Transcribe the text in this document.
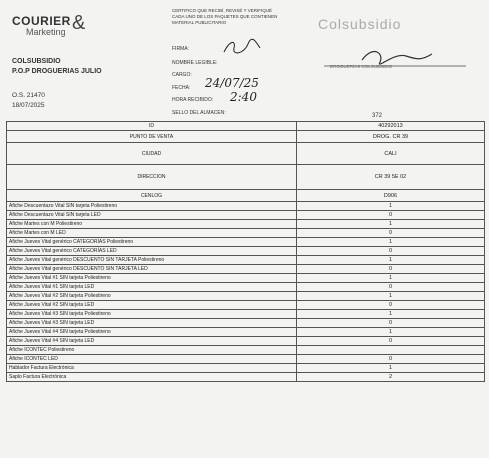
COURIER
Marketing &
COLSUBSIDIO
P.O.P DROGUERIAS JULIO
O.S. 21470
18/07/2025
CERTIFICO QUE RECIBÍ, REVISÉ Y VERIFIQUÉ CADA UNO DE LOS PAQUETES QUE CONTIENEN MATERIAL PUBLICITARIO
FIRMA:
NOMBRE LEGIBLE:
CARGO:
FECHA: 24/07/25
HORA RECIBIDO: 2:40
SELLO DEL ALMACEN:
Colsubsidio
DROGUERÍAS COLSUBSIDIO
372
ID	40292013
PUNTO DE VENTA	DROG. CR 39
CIUDAD	CALI
DIRECCION	CR 39 5E 02
CENLOG	D906
Afiche Descuentazo Vital SIN tarjeta Poliestireno	1
Afiche Descuentazo Vital SIN tarjeta LED	0
Afiche Martes con M Poliestireno	1
Afiche Martes con M LED	0
Afiche Jueves Vital genérico CATEGORÍAS Poliestireno	1
Afiche Jueves Vital genérico CATEGORÍAS LED	0
Afiche Jueves Vital genérico DESCUENTO SIN TARJETA Poliestireno	1
Afiche Jueves Vital genérico DESCUENTO SIN TARJETA LED	0
Afiche Jueves Vital #1 SIN tarjeta Poliestireno	1
Afiche Jueves Vital #1 SIN tarjeta LED	0
Afiche Jueves Vital #2 SIN tarjeta Poliestireno	1
Afiche Jueves Vital #2 SIN tarjeta LED	0
Afiche Jueves Vital #3 SIN tarjeta Poliestireno	1
Afiche Jueves Vital #3 SIN tarjeta LED	0
Afiche Jueves Vital #4 SIN tarjeta Poliestireno	1
Afiche Jueves Vital #4 SIN tarjeta LED	0
Afiche ICONTEC Poliestireno	
Afiche ICONTEC LED	0
Hablador Factura Electrónica	1
Saplo Factura Electrónica	2
